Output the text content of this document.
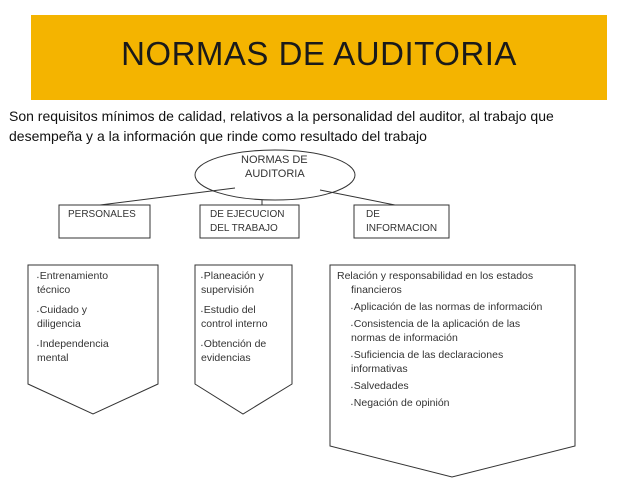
NORMAS DE AUDITORIA
Son requisitos mínimos de calidad, relativos a la personalidad del auditor, al trabajo que
desempeña y a la información que rinde como resultado del trabajo
NORMAS DE
AUDITORIA
PERSONALES	DE EJECUCION
DEL TRABAJO
DE
INFORMACION
▪Entrenamiento
técnico
▪Cuidado y
diligencia
▪Independencia
mental
▪Planeación y
supervisión
▪Estudio del
control interno
▪Obtención de
evidencias
Relación y responsabilidad en los estados
financieros
▪Aplicación de las normas de información
▪Consistencia de la aplicación de las
normas de información
▪Suficiencia de las declaraciones
informativas
▪Salvedades
▪Negación de opinión
